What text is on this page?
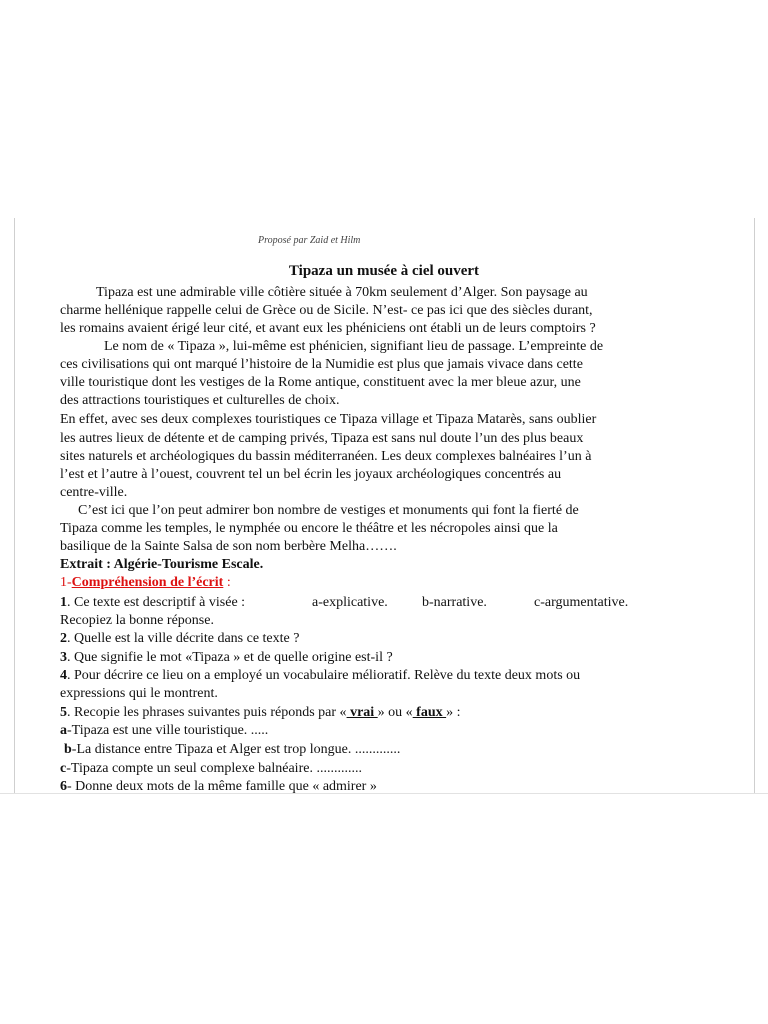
Proposé par Zaid et Hilm
Tipaza un musée à ciel ouvert
Tipaza est une admirable ville côtière située à 70km seulement d’Alger. Son paysage au
charme hellénique rappelle celui de Grèce ou de Sicile. N’est- ce pas ici que des siècles durant,
les romains avaient érigé leur cité, et avant eux les phéniciens ont établi un de leurs comptoirs ?
Le nom de « Tipaza », lui-même est phénicien, signifiant lieu de passage. L’empreinte de
ces civilisations qui ont marqué l’histoire de la Numidie est plus que jamais vivace dans cette
ville touristique dont les vestiges de la Rome antique, constituent avec la mer bleue azur, une
des attractions touristiques et culturelles de choix.
En effet, avec ses deux complexes touristiques ce Tipaza village et Tipaza Matarès, sans oublier
les autres lieux de détente et de camping privés, Tipaza est sans nul doute l’un des plus beaux
sites naturels et archéologiques du bassin méditerranéen. Les deux complexes balnéaires l’un à
l’est et l’autre à l’ouest, couvrent tel un bel écrin les joyaux archéologiques concentrés au
centre-ville.
C’est ici que l’on peut admirer bon nombre de vestiges et monuments qui font la fierté de
Tipaza comme les temples, le nymphée ou encore le théâtre et les nécropoles ainsi que la
basilique de la Sainte Salsa de son nom berbère Melha…….
Extrait : Algérie-Tourisme Escale.
1-Compréhension de l’écrit :
1. Ce texte est descriptif à visée :	a-explicative. b-narrative.	c-argumentative.
Recopiez la bonne réponse.
2. Quelle est la ville décrite dans ce texte ?
3. Que signifie le mot «Tipaza » et de quelle origine est-il ?
4. Pour décrire ce lieu on a employé un vocabulaire mélioratif. Relève du texte deux mots ou
expressions qui le montrent.
5. Recopie les phrases suivantes puis réponds par « vrai » ou « faux » :
a-Tipaza est une ville touristique. .....
b-La distance entre Tipaza et Alger est trop longue. .............
c-Tipaza compte un seul complexe balnéaire. .............
6- Donne deux mots de la même famille que « admirer »
